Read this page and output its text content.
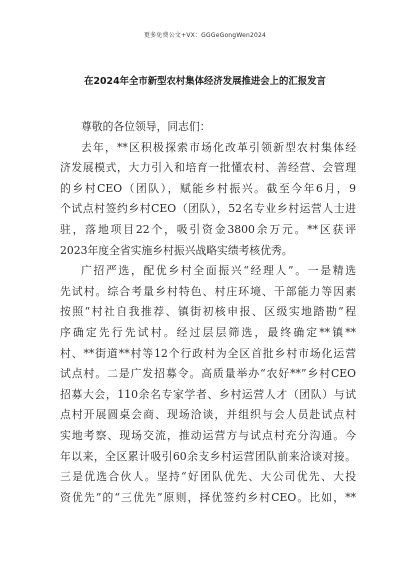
更多免费公文+VX：GGGeGongWen2024
在2024年全市新型农村集体经济发展推进会上的汇报发言
尊敬的各位领导，同志们：
去年，**区积极探索市场化改革引领新型农村集体经
济发展模式，大力引入和培育一批懂农村、善经营、会管理
的乡村CEO（团队），赋能乡村振兴。截至今年6月，9
个试点村签约乡村CEO（团队），52名专业乡村运营人士进
驻，落地项目22个，吸引资金3800余万元。**区获评
2023年度全省实施乡村振兴战略实绩考核优秀。
广招严选，配优乡村全面振兴“经理人”。一是精选
先试村。综合考量乡村特色、村庄环境、干部能力等因素
按照“村社自我推荐、镇街初核申报、区级实地踏勘”程
序确定先行先试村。经过层层筛选，最终确定**镇**
村、**街道**村等12个行政村为全区首批乡村市场化运营
试点村。二是广发招募令。高质量举办“农好**”乡村CEO
招募大会，110余名专家学者、乡村运营人才（团队）与试
点村开展圆桌会商、现场洽谈，并组织与会人员赴试点村
实地考察、现场交流，推动运营方与试点村充分沟通。今
年以来，全区累计吸引60余支乡村运营团队前来洽谈对接。
三是优选合伙人。坚持“好团队优先、大公司优先、大投
资优先”的“三优先”原则，择优签约乡村CEO。比如，**
